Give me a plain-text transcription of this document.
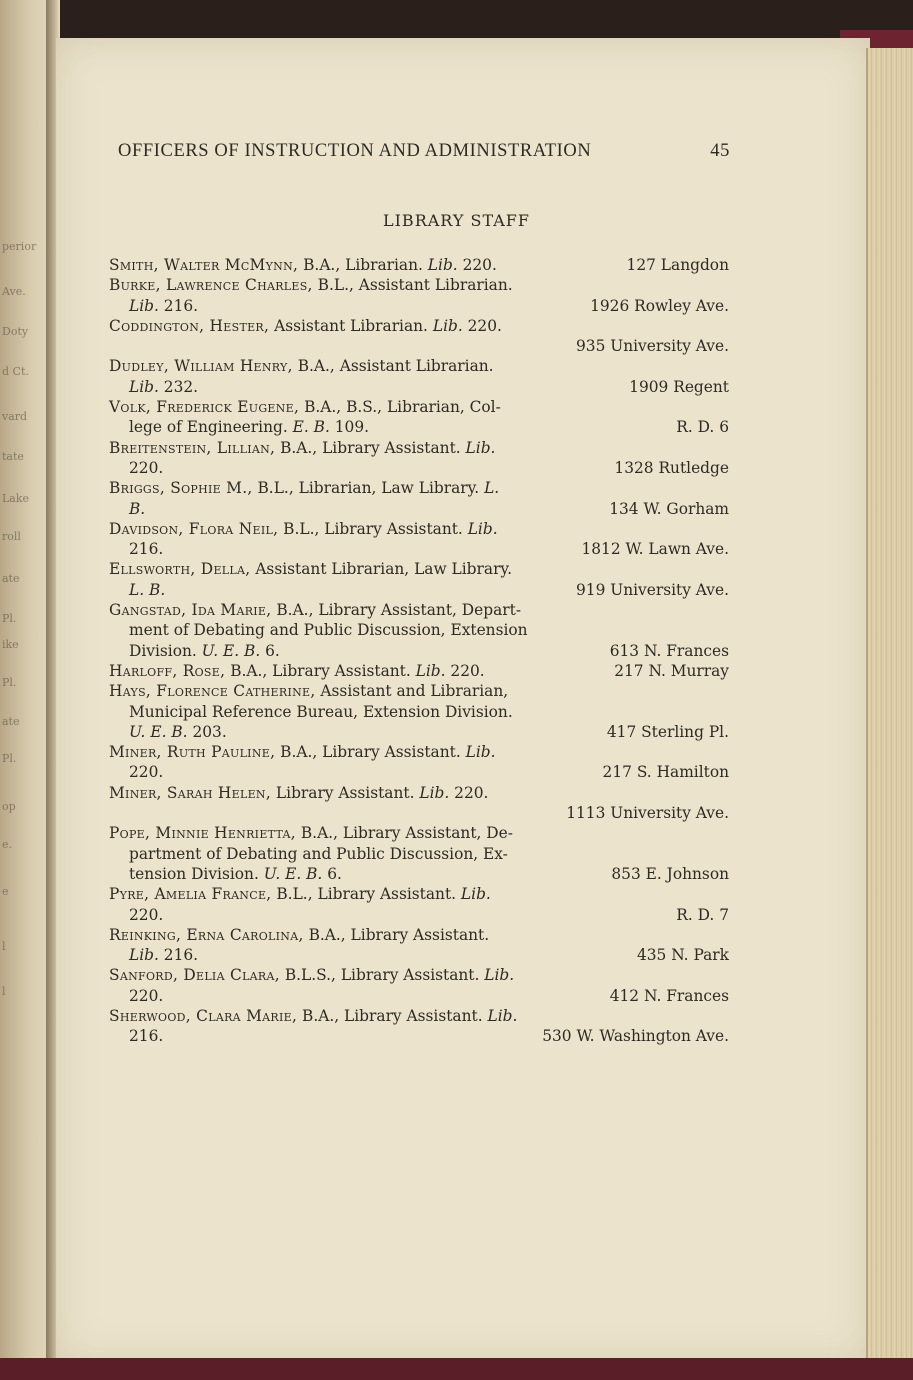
perior
Ave.
Doty
d Ct.
vard
tate
Lake
roll
ate
Pl.
ike
Pl.
ate
Pl.
op
e.
e
l
l
OFFICERS OF INSTRUCTION AND ADMINISTRATION	45
LIBRARY STAFF
Smith, Walter McMynn, B.A., Librarian. Lib. 220.	127 Langdon
Burke, Lawrence Charles, B.L., Assistant Librarian.
Lib. 216.	1926 Rowley Ave.
Coddington, Hester, Assistant Librarian. Lib. 220.
935 University Ave.
Dudley, William Henry, B.A., Assistant Librarian.
Lib. 232.	1909 Regent
Volk, Frederick Eugene, B.A., B.S., Librarian, Col-
lege of Engineering. E. B. 109.	R. D. 6
Breitenstein, Lillian, B.A., Library Assistant. Lib.
220.	1328 Rutledge
Briggs, Sophie M., B.L., Librarian, Law Library. L.
B.	134 W. Gorham
Davidson, Flora Neil, B.L., Library Assistant. Lib.
216.	1812 W. Lawn Ave.
Ellsworth, Della, Assistant Librarian, Law Library.
L. B.	919 University Ave.
Gangstad, Ida Marie, B.A., Library Assistant, Depart-
ment of Debating and Public Discussion, Extension
Division. U. E. B. 6.	613 N. Frances
Harloff, Rose, B.A., Library Assistant. Lib. 220.	217 N. Murray
Hays, Florence Catherine, Assistant and Librarian,
Municipal Reference Bureau, Extension Division.
U. E. B. 203.	417 Sterling Pl.
Miner, Ruth Pauline, B.A., Library Assistant. Lib.
220.	217 S. Hamilton
Miner, Sarah Helen, Library Assistant. Lib. 220.
1113 University Ave.
Pope, Minnie Henrietta, B.A., Library Assistant, De-
partment of Debating and Public Discussion, Ex-
tension Division. U. E. B. 6.	853 E. Johnson
Pyre, Amelia France, B.L., Library Assistant. Lib.
220.	R. D. 7
Reinking, Erna Carolina, B.A., Library Assistant.
Lib. 216.	435 N. Park
Sanford, Delia Clara, B.L.S., Library Assistant. Lib.
220.	412 N. Frances
Sherwood, Clara Marie, B.A., Library Assistant. Lib.
216.	530 W. Washington Ave.
